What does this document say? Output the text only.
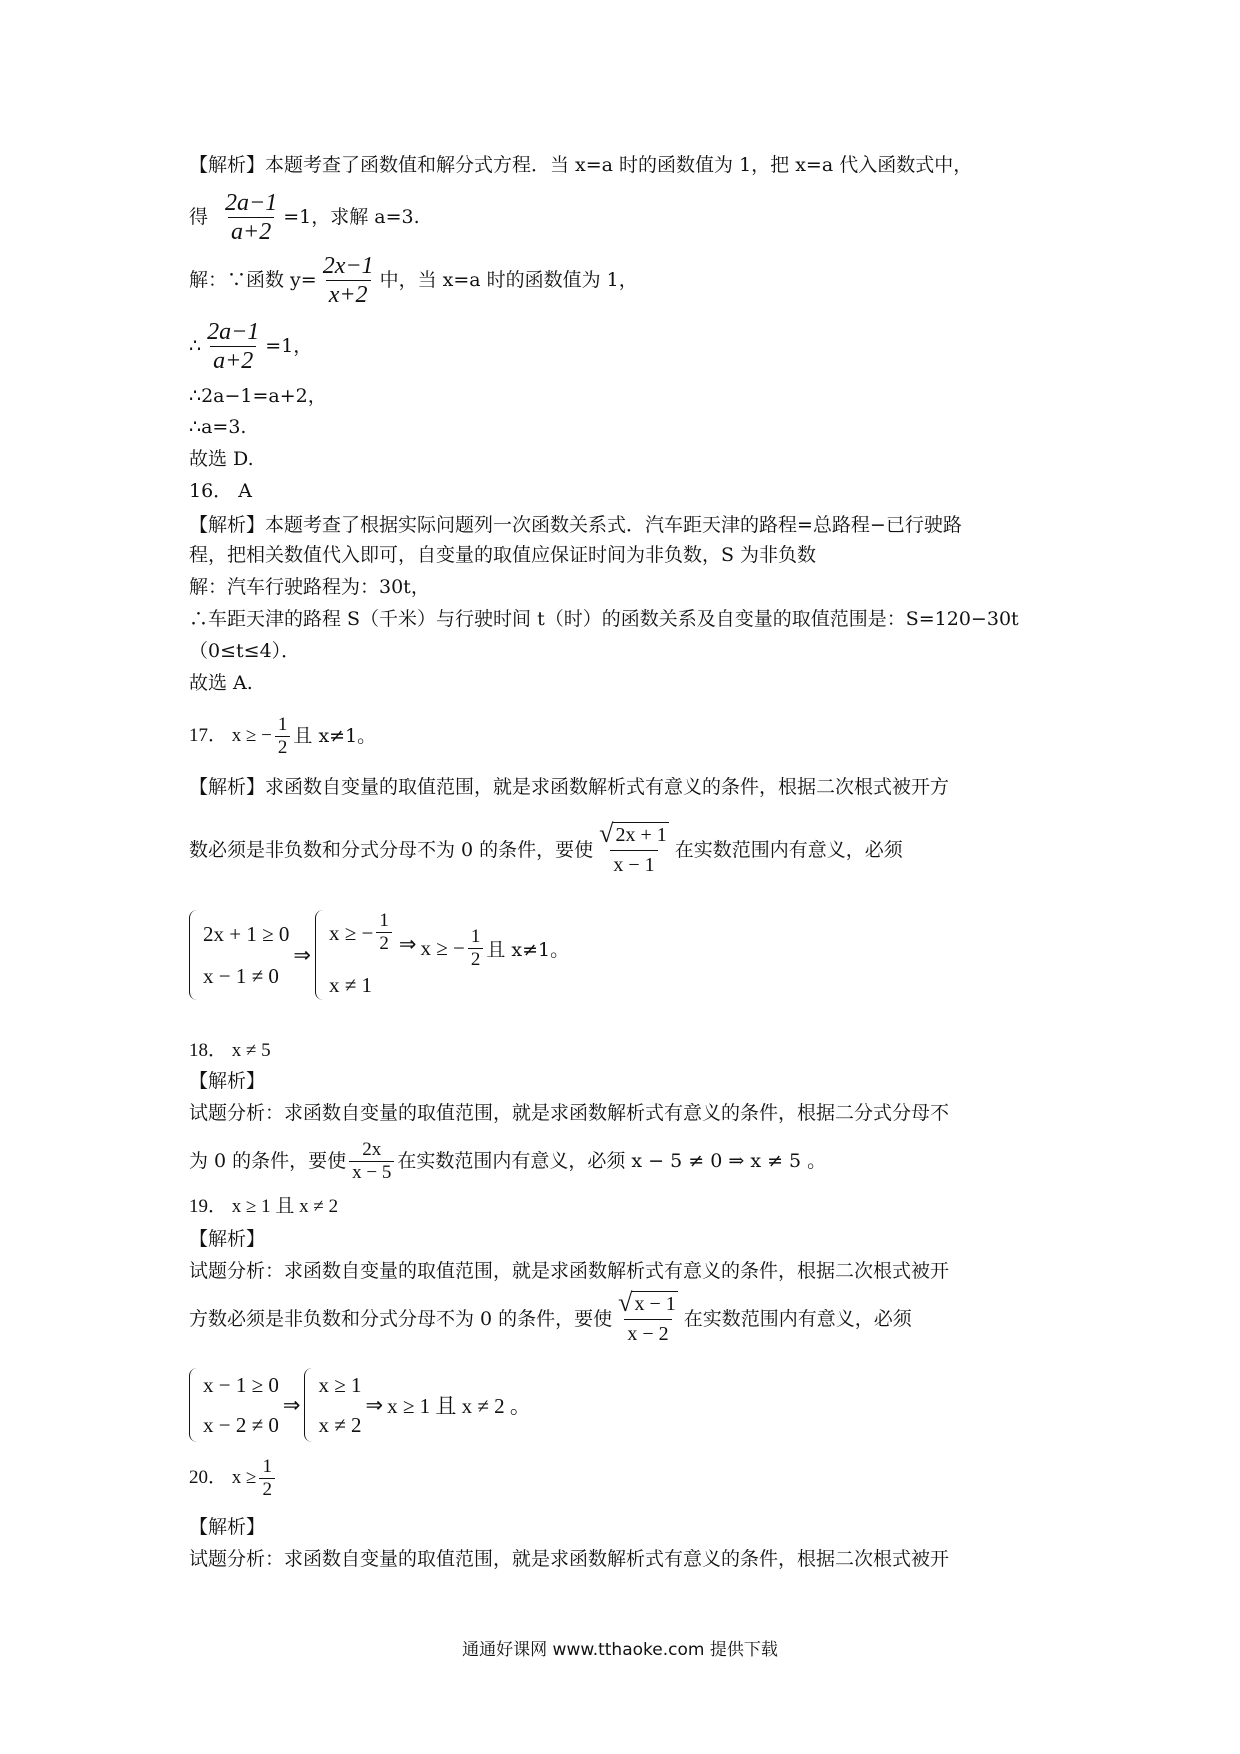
【解析】本题考查了函数值和解分式方程．当 x=a 时的函数值为 1，把 x=a 代入函数式中，
得 $\frac{2a-1}{a+2} =1$，求解 a=3.
解：∵函数 $y= \frac{2x-1}{x+2}$ 中，当 x=a 时的函数值为 1，
∴ $\frac{2a-1}{a+2} =1$，
∴2a−1=a+2，
∴a=3.
故选 D.
16． A
【解析】本题考查了根据实际问题列一次函数关系式．汽车距天津的路程=总路程−已行驶路
程，把相关数值代入即可，自变量的取值应保证时间为非负数，S 为非负数
解：汽车行驶路程为：30t，
∴车距天津的路程 S（千米）与行驶时间 t（时）的函数关系及自变量的取值范围是：S=120−30t
（0≤t≤4）．
故选 A.
17． x ≥ − $\frac{1}{2}$ 且 x≠1。
【解析】求函数自变量的取值范围，就是求函数解析式有意义的条件，根据二次根式被开方
数必须是非负数和分式分母不为 0 的条件，要使 $\frac{√ 2x + 1}{x - 1}$ 在实数范围内有意义，必须
2x + 1 ≥ 0
x − 1 ≠ 0
⇒
x ≥ − $\frac{1}{2}$
x ≠ 1
⇒ x ≥ − $\frac{1}{2}$ 且 x≠1。
18． x ≠ 5
【解析】
试题分析：求函数自变量的取值范围，就是求函数解析式有意义的条件，根据二分式分母不
为 0 的条件，要使 $\frac{2x}{x - 5}$ 在实数范围内有意义，必须 x − 5 ≠ 0 ⇒ x ≠ 5 。
19． x ≥ 1 且 x ≠ 2
【解析】
试题分析：求函数自变量的取值范围，就是求函数解析式有意义的条件，根据二次根式被开
方数必须是非负数和分式分母不为 0 的条件，要使 $\frac{√ x - 1}{x - 2}$ 在实数范围内有意义，必须
x − 1 ≥ 0
x − 2 ≠ 0
⇒
x ≥ 1
x ≠ 2
⇒ x ≥ 1 且 x ≠ 2 。
20． $x \ge \frac{1}{2}$
【解析】
试题分析：求函数自变量的取值范围，就是求函数解析式有意义的条件，根据二次根式被开
通通好课网 www.tthaoke.com 提供下载
